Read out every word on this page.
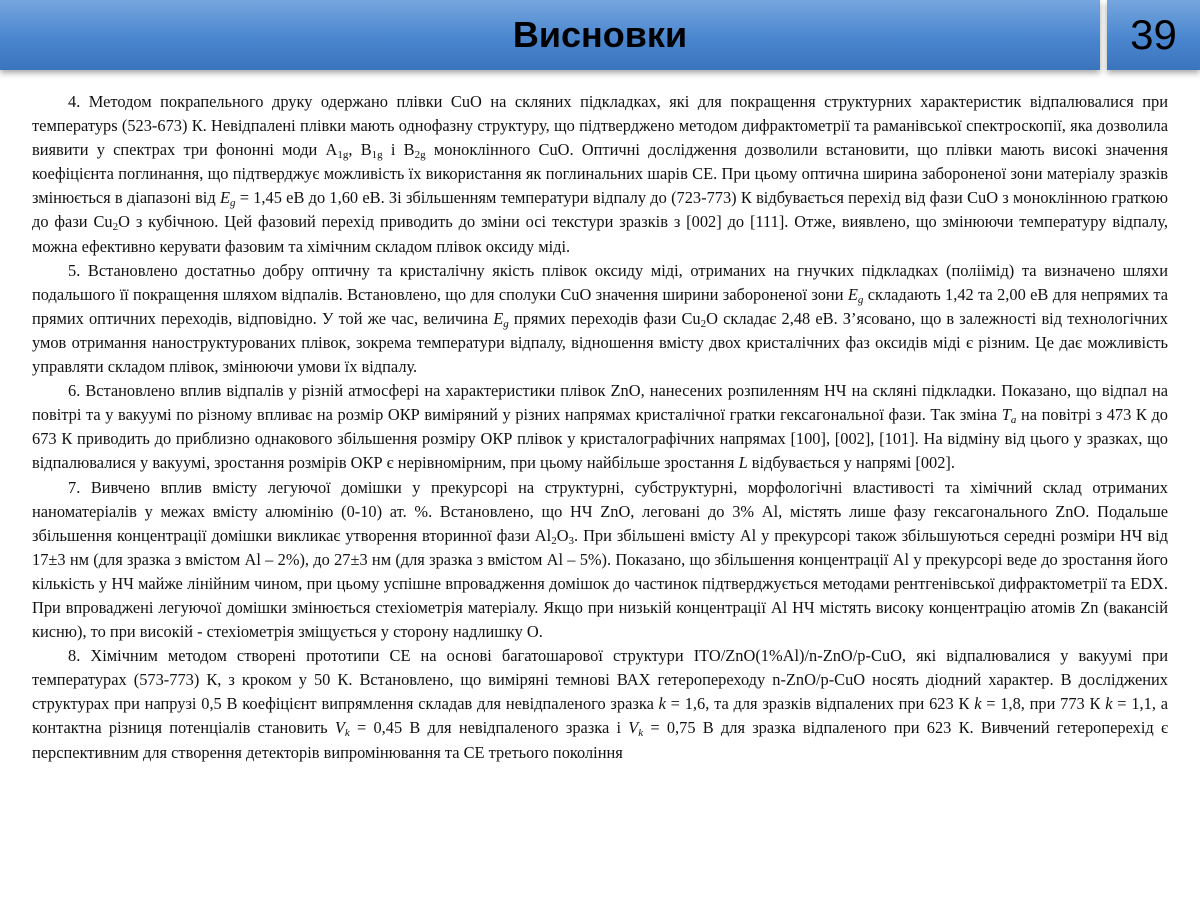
Висновки	39

4. Методом покрапельного друку одержано плівки CuO на скляних підкладках, які для покращення структурних характеристик відпалювалися при температурs (523-673) К. Невідпалені плівки мають однофазну структуру, що підтверджено методом дифрактометрії та раманівської спектроскопії, яка дозволила виявити у спектрах три фононні моди $A_{1g}$, $B_{1g}$ і $B_{2g}$ моноклінного CuO. Оптичні дослідження дозволили встановити, що плівки мають високі значення коефіцієнта поглинання, що підтверджує можливість їх використання як поглинальних шарів СЕ. При цьому оптична ширина забороненої зони матеріалу зразків змінюється в діапазоні від $E_g = 1,45$ еВ до 1,60 еВ. Зі збільшенням температури відпалу до (723-773) К відбувається перехід від фази CuO з моноклінною граткою до фази $Cu_2O$ з кубічною. Цей фазовий перехід приводить до зміни осі текстури зразків з [002] до [111]. Отже, виявлено, що змінюючи температуру відпалу, можна ефективно керувати фазовим та хімічним складом плівок оксиду міді.

5. Встановлено достатньо добру оптичну та кристалічну якість плівок оксиду міді, отриманих на гнучких підкладках (поліімід) та визначено шляхи подальшого її покращення шляхом відпалів. Встановлено, що для сполуки CuO значення ширини забороненої зони $E_g$ складають 1,42 та 2,00 еВ для непрямих та прямих оптичних переходів, відповідно. У той же час, величина $E_g$ прямих переходів фази $Cu_2O$ складає 2,48 еВ. З’ясовано, що в залежності від технологічних умов отримання наноструктурованих плівок, зокрема температури відпалу, відношення вмісту двох кристалічних фаз оксидів міді є різним. Це дає можливість управляти складом плівок, змінюючи умови їх відпалу.

6. Встановлено вплив відпалів у різній атмосфері на характеристики плівок ZnO, нанесених розпиленням НЧ на скляні підкладки. Показано, що відпал на повітрі та у вакуумі по різному впливає на розмір ОКР виміряний у різних напрямах кристалічної гратки гексагональної фази. Так зміна $T_a$ на повітрі з 473 К до 673 К приводить до приблизно однакового збільшення розміру ОКР плівок у кристалографічних напрямах [100], [002], [101]. На відміну від цього у зразках, що відпалювалися у вакуумі, зростання розмірів ОКР є нерівномірним, при цьому найбільше зростання L відбувається у напрямі [002].

7. Вивчено вплив вмісту легуючої домішки у прекурсорі на структурні, субструктурні, морфологічні властивості та хімічний склад отриманих наноматеріалів у межах вмісту алюмінію (0-10) ат. %. Встановлено, що НЧ ZnO, леговані до 3% Al, містять лише фазу гексагонального ZnO. Подальше збільшення концентрації домішки викликає утворення вторинної фази $Al_2O_3$. При збільшені вмісту Al у прекурсорі також збільшуються середні розміри НЧ від 17±3 нм (для зразка з вмістом Al – 2%), до 27±3 нм (для зразка з вмістом Al – 5%). Показано, що збільшення концентрації Al у прекурсорі веде до зростання його кількість у НЧ майже лінійним чином, при цьому успішне впровадження домішок до частинок підтверджується методами рентгенівської дифрактометрії та EDX. При впроваджені легуючої домішки змінюється стехіометрія матеріалу. Якщо при низькій концентрації Al НЧ містять високу концентрацію атомів Zn (вакансій кисню), то при високій - стехіометрія зміщується у сторону надлишку О.

8. Хімічним методом створені прототипи СЕ на основі багатошарової структури ITO/ZnO(1%Al)/n-ZnO/p-CuO, які відпалювалися у вакуумі при температурах (573-773) К, з кроком у 50 К. Встановлено, що виміряні темнові ВАХ гетеропереходу n-ZnO/p-CuO носять діодний характер. В досліджених структурах при напрузі 0,5 В коефіцієнт випрямлення складав для невідпаленого зразка k = 1,6, та для зразків відпалених при 623 К k = 1,8, при 773 К k = 1,1, а контактна різниця потенціалів становить $V_k = 0,45$ В для невідпаленого зразка і $V_k = 0,75$ В для зразка відпаленого при 623 К. Вивчений гетероперехід є перспективним для створення детекторів випромінювання та СЕ третього покоління
